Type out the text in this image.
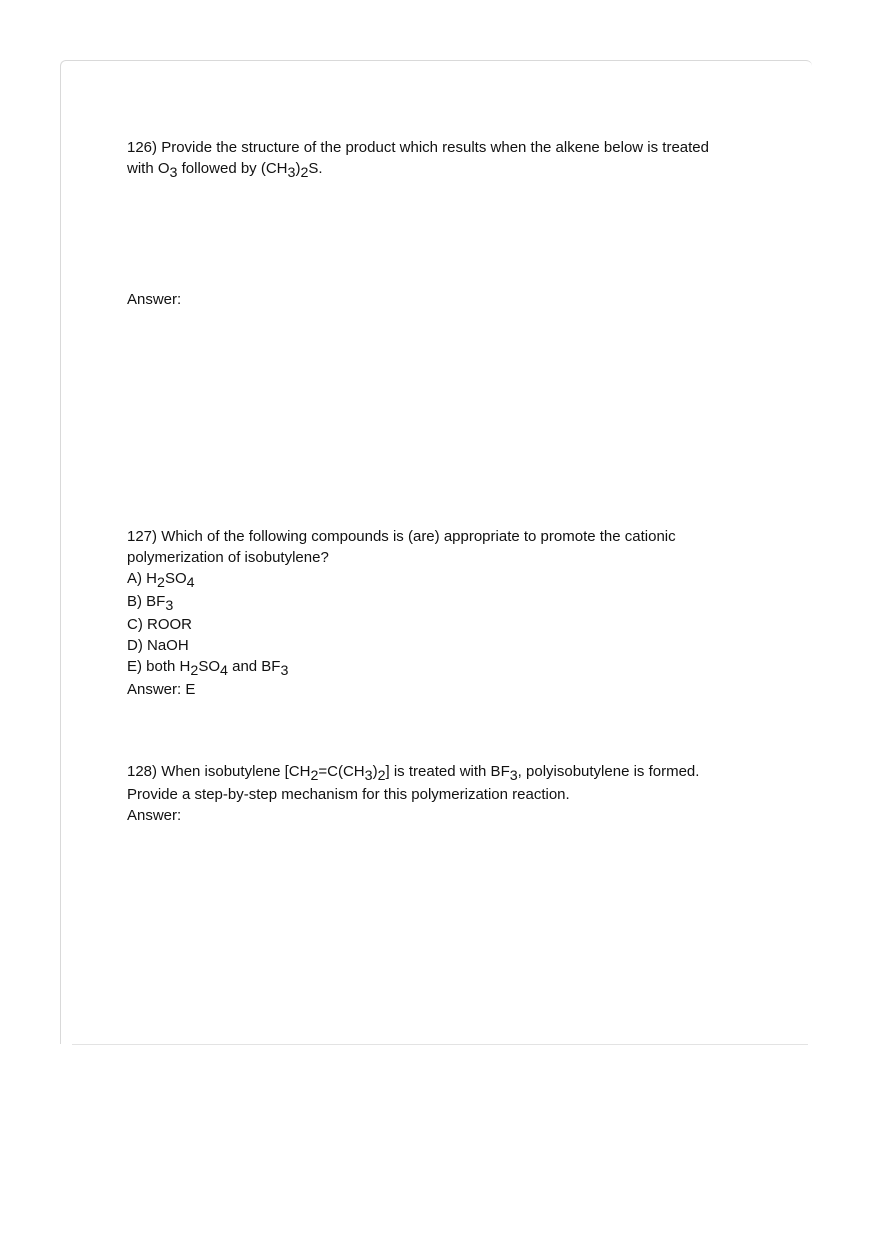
126) Provide the structure of the product which results when the alkene below is treated
with $O_3$ followed by $(CH_3)_2S$.
Answer:
127) Which of the following compounds is (are) appropriate to promote the cationic
polymerization of isobutylene?
A) $H_2SO_4$
B) $BF_3$
C) ROOR
D) NaOH
E) both $H_2SO_4$ and $BF_3$
Answer: E
128) When isobutylene $[CH_2=C(CH_3)_2]$ is treated with $BF_3$, polyisobutylene is formed.
Provide a step-by-step mechanism for this polymerization reaction.
Answer:
